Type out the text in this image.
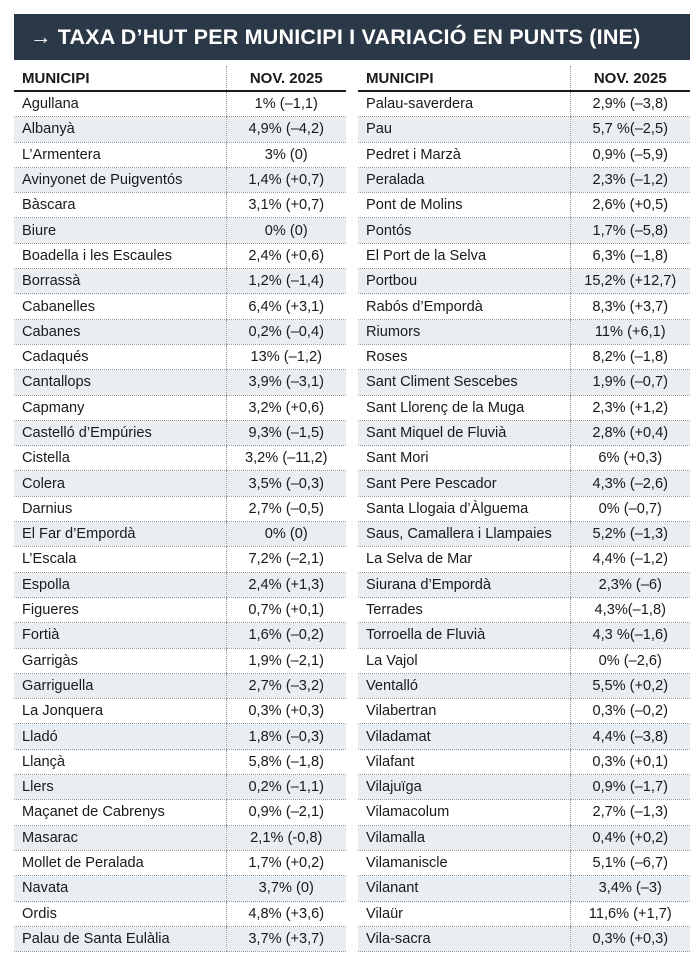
→ TAXA D’HUT PER MUNICIPI I VARIACIÓ EN PUNTS (INE)
MUNICIPI	NOV. 2025
Agullana	1% (–1,1)
Albanyà	4,9% (–4,2)
L’Armentera	3% (0)
Avinyonet de Puigventós	1,4% (+0,7)
Bàscara	3,1% (+0,7)
Biure	0% (0)
Boadella i les Escaules	2,4% (+0,6)
Borrassà	1,2% (–1,4)
Cabanelles	6,4% (+3,1)
Cabanes	0,2% (–0,4)
Cadaqués	13% (–1,2)
Cantallops	3,9% (–3,1)
Capmany	3,2% (+0,6)
Castelló d’Empúries	9,3% (–1,5)
Cistella	3,2% (–11,2)
Colera	3,5% (–0,3)
Darnius	2,7% (–0,5)
El Far d’Empordà	0% (0)
L’Escala	7,2% (–2,1)
Espolla	2,4% (+1,3)
Figueres	0,7% (+0,1)
Fortià	1,6% (–0,2)
Garrigàs	1,9% (–2,1)
Garriguella	2,7% (–3,2)
La Jonquera	0,3% (+0,3)
Lladó	1,8% (–0,3)
Llançà	5,8% (–1,8)
Llers	0,2% (–1,1)
Maçanet de Cabrenys	0,9% (–2,1)
Masarac	2,1% (-0,8)
Mollet de Peralada	1,7% (+0,2)
Navata	3,7% (0)
Ordis	4,8% (+3,6)
Palau de Santa Eulàlia	3,7% (+3,7)
MUNICIPI	NOV. 2025
Palau-saverdera	2,9% (–3,8)
Pau	5,7 %(–2,5)
Pedret i Marzà	0,9% (–5,9)
Peralada	2,3% (–1,2)
Pont de Molins	2,6% (+0,5)
Pontós	1,7% (–5,8)
El Port de la Selva	6,3% (–1,8)
Portbou	15,2% (+12,7)
Rabós d’Empordà	8,3% (+3,7)
Riumors	11% (+6,1)
Roses	8,2% (–1,8)
Sant Climent Sescebes	1,9% (–0,7)
Sant Llorenç de la Muga	2,3% (+1,2)
Sant Miquel de Fluvià	2,8% (+0,4)
Sant Mori	6% (+0,3)
Sant Pere Pescador	4,3% (–2,6)
Santa Llogaia d’Àlguema	0% (–0,7)
Saus, Camallera i Llampaies	5,2% (–1,3)
La Selva de Mar	4,4% (–1,2)
Siurana d’Empordà	2,3% (–6)
Terrades	4,3%(–1,8)
Torroella de Fluvià	4,3 %(–1,6)
La Vajol	0% (–2,6)
Ventalló	5,5% (+0,2)
Vilabertran	0,3% (–0,2)
Viladamat	4,4% (–3,8)
Vilafant	0,3% (+0,1)
Vilajuïga	0,9% (–1,7)
Vilamacolum	2,7% (–1,3)
Vilamalla	0,4% (+0,2)
Vilamaniscle	5,1% (–6,7)
Vilanant	3,4% (–3)
Vilaür	11,6% (+1,7)
Vila-sacra	0,3% (+0,3)
